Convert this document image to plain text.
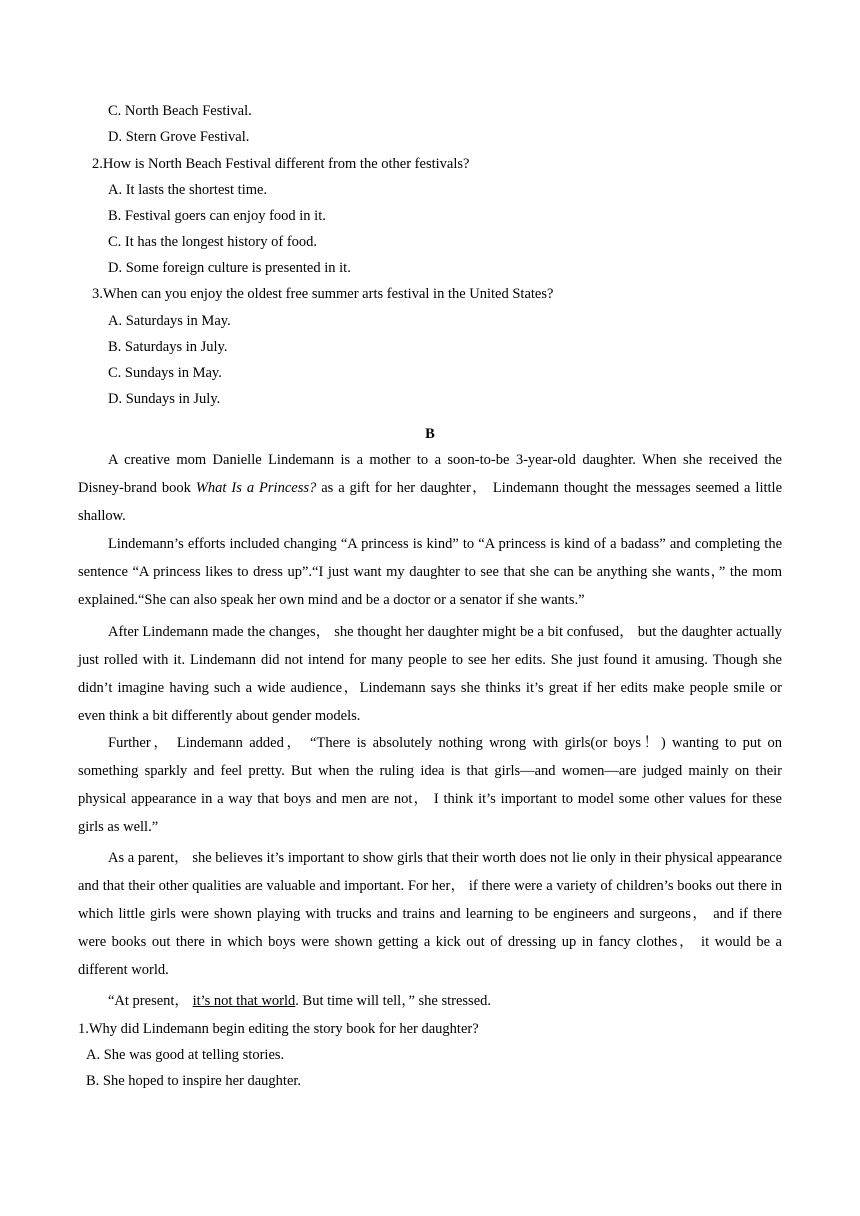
C. North Beach Festival.
D. Stern Grove Festival.
2.How is North Beach Festival different from the other festivals?
A. It lasts the shortest time.
B. Festival goers can enjoy food in it.
C. It has the longest history of food.
D. Some foreign culture is presented in it.
3.When can you enjoy the oldest free summer arts festival in the United States?
A. Saturdays in May.
B. Saturdays in July.
C. Sundays in May.
D. Sundays in July.
B
A creative mom Danielle Lindemann is a mother to a soon-to-be 3-year-old daughter. When she received the Disney-brand book What Is a Princess? as a gift for her daughter， Lindemann thought the messages seemed a little shallow.
Lindemann’s efforts included changing “A princess is kind” to “A princess is kind of a badass” and completing the sentence “A princess likes to dress up”.“I just want my daughter to see that she can be anything she wants，” the mom explained.“She can also speak her own mind and be a doctor or a senator if she wants.”
After Lindemann made the changes， she thought her daughter might be a bit confused， but the daughter actually just rolled with it. Lindemann did not intend for many people to see her edits. She just found it amusing. Though she didn’t imagine having such a wide audience，Lindemann says she thinks it’s great if her edits make people smile or even think a bit differently about gender models.
Further， Lindemann added， “There is absolutely nothing wrong with girls(or boys！) wanting to put on something sparkly and feel pretty. But when the ruling idea is that girls—and women—are judged mainly on their physical appearance in a way that boys and men are not， I think it’s important to model some other values for these girls as well.”
As a parent， she believes it’s important to show girls that their worth does not lie only in their physical appearance and that their other qualities are valuable and important. For her， if there were a variety of children’s books out there in which little girls were shown playing with trucks and trains and learning to be engineers and surgeons， and if there were books out there in which boys were shown getting a kick out of dressing up in fancy clothes， it would be a different world.
“At present， it’s not that world. But time will tell，” she stressed.
1.Why did Lindemann begin editing the story book for her daughter?
A. She was good at telling stories.
B. She hoped to inspire her daughter.
